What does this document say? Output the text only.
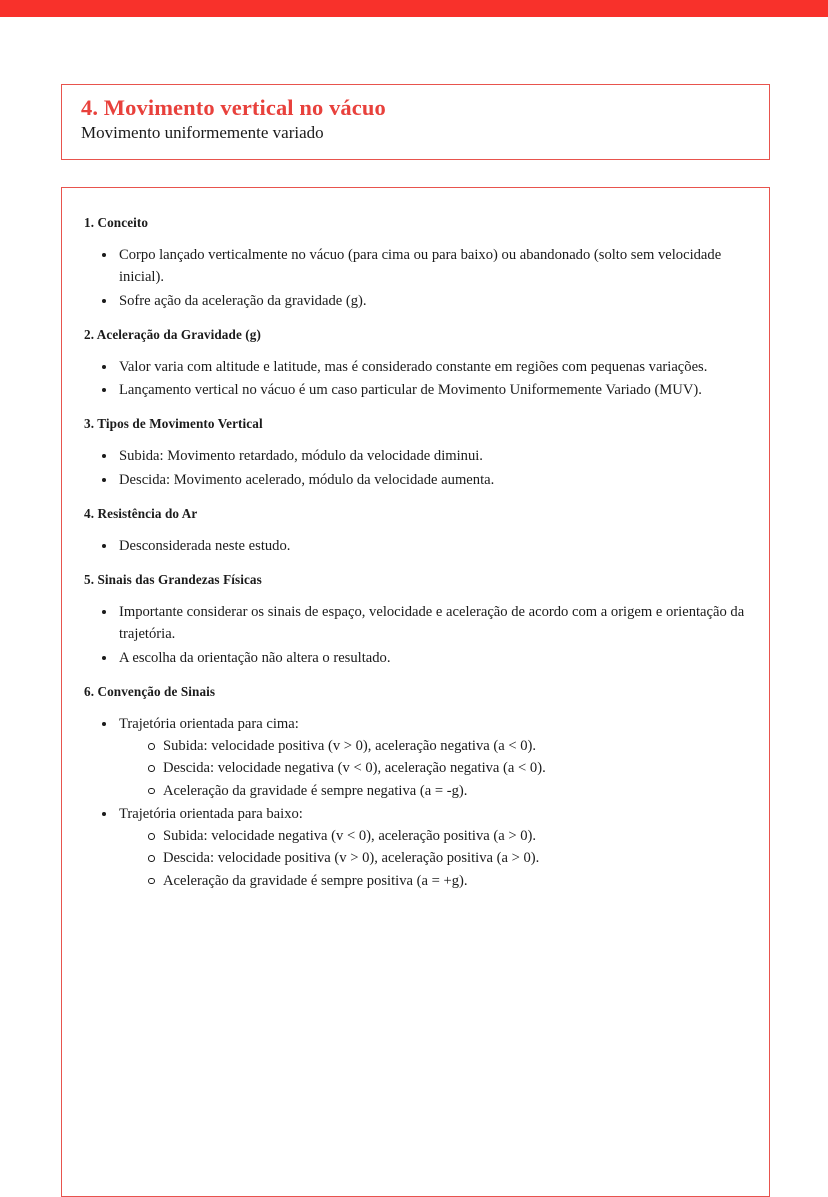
4. Movimento vertical no vácuo
Movimento uniformemente variado
1. Conceito
Corpo lançado verticalmente no vácuo (para cima ou para baixo) ou abandonado (solto sem velocidade inicial).
Sofre ação da aceleração da gravidade (g).
2. Aceleração da Gravidade (g)
Valor varia com altitude e latitude, mas é considerado constante em regiões com pequenas variações.
Lançamento vertical no vácuo é um caso particular de Movimento Uniformemente Variado (MUV).
3. Tipos de Movimento Vertical
Subida: Movimento retardado, módulo da velocidade diminui.
Descida: Movimento acelerado, módulo da velocidade aumenta.
4. Resistência do Ar
Desconsiderada neste estudo.
5. Sinais das Grandezas Físicas
Importante considerar os sinais de espaço, velocidade e aceleração de acordo com a origem e orientação da trajetória.
A escolha da orientação não altera o resultado.
6. Convenção de Sinais
Trajetória orientada para cima:
Subida: velocidade positiva (v > 0), aceleração negativa (a < 0).
Descida: velocidade negativa (v < 0), aceleração negativa (a < 0).
Aceleração da gravidade é sempre negativa (a = -g).
Trajetória orientada para baixo:
Subida: velocidade negativa (v < 0), aceleração positiva (a > 0).
Descida: velocidade positiva (v > 0), aceleração positiva (a > 0).
Aceleração da gravidade é sempre positiva (a = +g).
